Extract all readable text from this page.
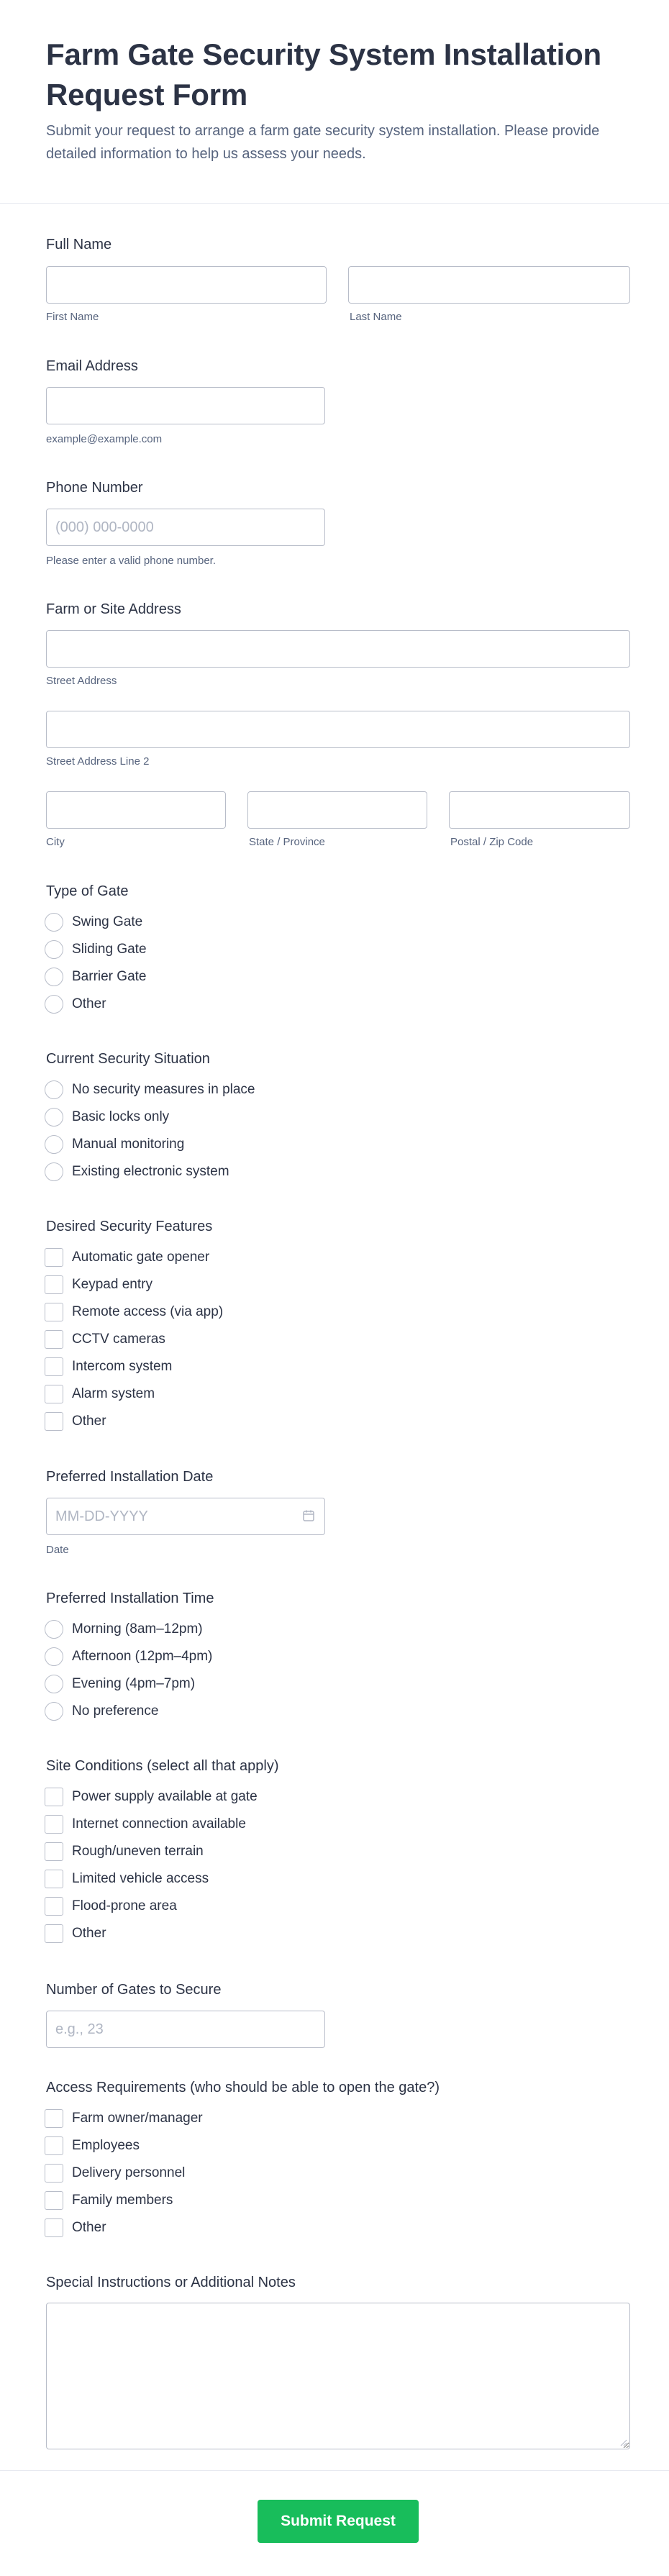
Farm Gate Security System Installation Request Form

Submit your request to arrange a farm gate security system installation. Please provide detailed information to help us assess your needs.

Full Name
First Name	Last Name
Email Address
example@example.com
Phone Number
(000) 000-0000
Please enter a valid phone number.
Farm or Site Address
Street Address
Street Address Line 2
City	State / Province	Postal / Zip Code
Type of Gate
Swing Gate
Sliding Gate
Barrier Gate
Other
Current Security Situation
No security measures in place
Basic locks only
Manual monitoring
Existing electronic system
Desired Security Features
Automatic gate opener
Keypad entry
Remote access (via app)
CCTV cameras
Intercom system
Alarm system
Other
Preferred Installation Date
MM-DD-YYYY
Date
Preferred Installation Time
Morning (8am–12pm)
Afternoon (12pm–4pm)
Evening (4pm–7pm)
No preference
Site Conditions (select all that apply)
Power supply available at gate
Internet connection available
Rough/uneven terrain
Limited vehicle access
Flood-prone area
Other
Number of Gates to Secure
e.g., 23
Access Requirements (who should be able to open the gate?)
Farm owner/manager
Employees
Delivery personnel
Family members
Other
Special Instructions or Additional Notes
Submit Request
